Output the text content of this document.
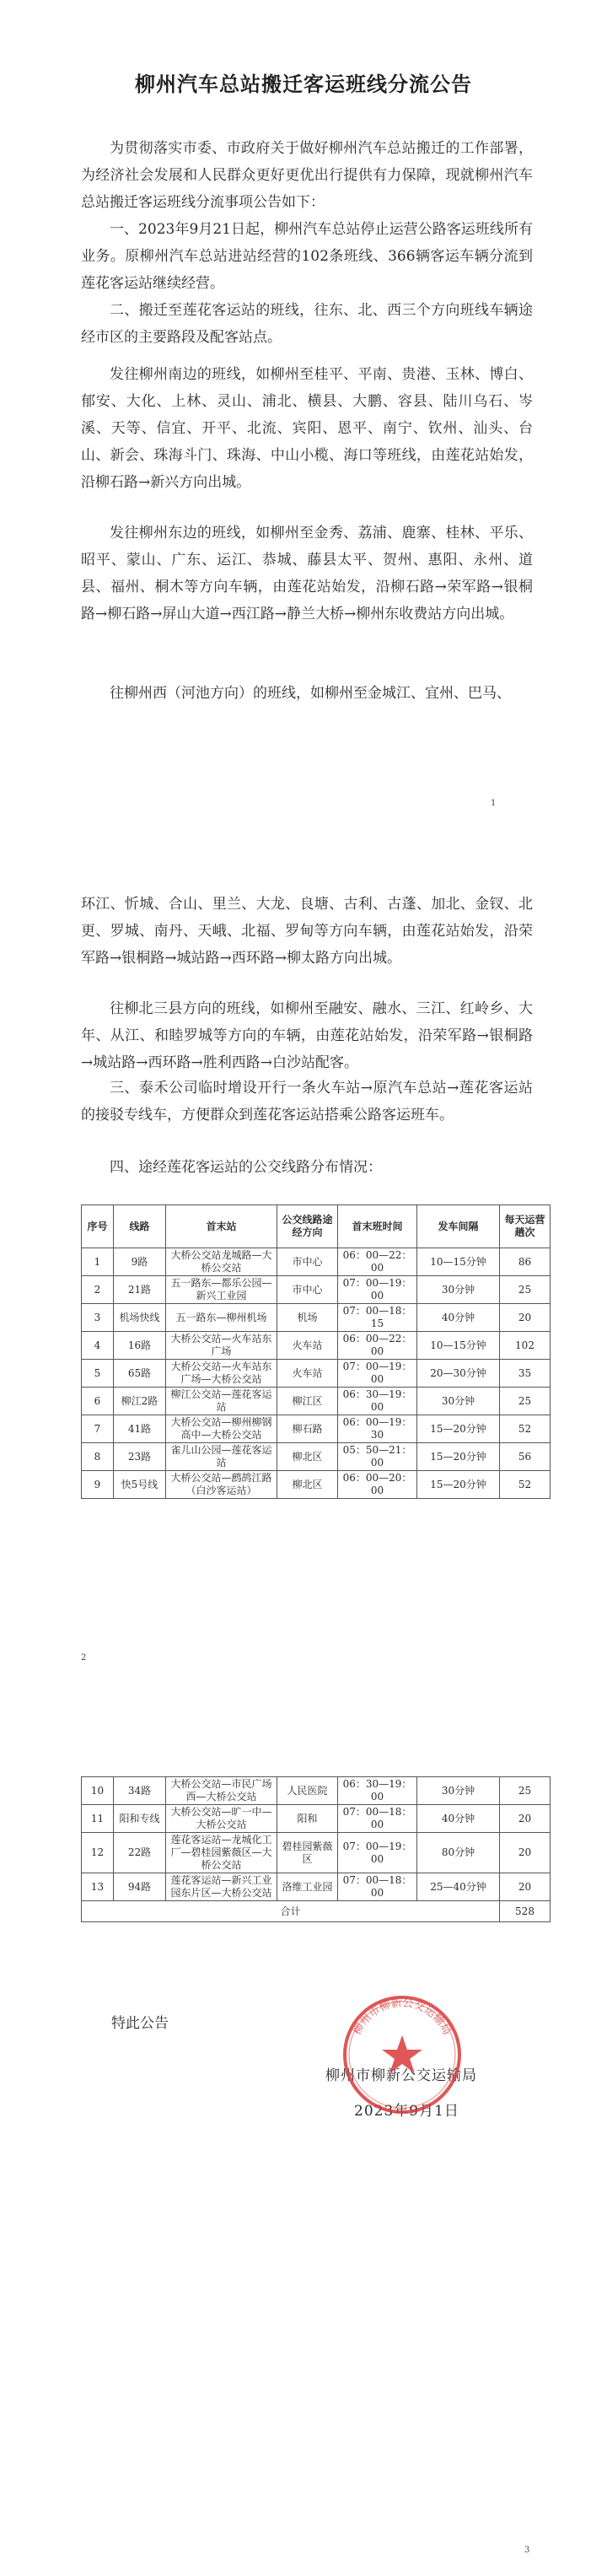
柳州汽车总站搬迁客运班线分流公告

为贯彻落实市委、市政府关于做好柳州汽车总站搬迁的工作部署，为经济社会发展和人民群众更好更优出行提供有力保障，现就柳州汽车总站搬迁客运班线分流事项公告如下：

一、2023年9月21日起，柳州汽车总站停止运营公路客运班线所有业务。原柳州汽车总站进站经营的102条班线、366辆客运车辆分流到莲花客运站继续经营。

二、搬迁至莲花客运站的班线，往东、北、西三个方向班线车辆途经市区的主要路段及配客站点。

发往柳州南边的班线，如柳州至桂平、平南、贵港、玉林、博白、郁安、大化、上林、灵山、浦北、横县、大鹏、容县、陆川乌石、岑溪、天等、信宜、开平、北流、宾阳、恩平、南宁、钦州、汕头、台山、新会、珠海斗门、珠海、中山小榄、海口等班线，由莲花站始发，沿柳石路→新兴方向出城。

发往柳州东边的班线，如柳州至金秀、荔浦、鹿寨、桂林、平乐、昭平、蒙山、广东、运江、恭城、藤县太平、贺州、惠阳、永州、道县、福州、桐木等方向车辆，由莲花站始发，沿柳石路→荣军路→银桐路→柳石路→屏山大道→西江路→静兰大桥→柳州东收费站方向出城。

往柳州西（河池方向）的班线，如柳州至金城江、宜州、巴马、

1

环江、忻城、合山、里兰、大龙、良塘、古利、古蓬、加北、金钗、北更、罗城、南丹、天峨、北福、罗甸等方向车辆，由莲花站始发，沿荣军路→银桐路→城站路→西环路→柳太路方向出城。

往柳北三县方向的班线，如柳州至融安、融水、三江、红岭乡、大年、从江、和睦罗城等方向的车辆，由莲花站始发，沿荣军路→银桐路→城站路→西环路→胜利西路→白沙站配客。

三、泰禾公司临时增设开行一条火车站→原汽车总站→莲花客运站的接驳专线车，方便群众到莲花客运站搭乘公路客运班车。

四、途经莲花客运站的公交线路分布情况：

序号	线路	首末站	公交线路途经方向	首末班时间	发车间隔	每天运营趟次
1	9路	大桥公交站龙城路—大桥公交站	市中心	06：00—22：00	10—15分钟	86
2	21路	五一路东—都乐公园—新兴工业园	市中心	07：00—19：00	30分钟	25
3	机场快线	五一路东—柳州机场	机场	07：00—18：15	40分钟	20
4	16路	大桥公交站—火车站东广场	火车站	06：00—22：00	10—15分钟	102
5	65路	大桥公交站—火车站东广场—大桥公交站	火车站	07：00—19：00	20—30分钟	35
6	柳江2路	柳江公交站—莲花客运站	柳江区	06：30—19：00	30分钟	25
7	41路	大桥公交站—柳州柳钢高中—大桥公交站	柳石路	06：00—19：30	15—20分钟	52
8	23路	雀儿山公园—莲花客运站	柳北区	05：50—21：00	15—20分钟	56
9	快5号线	大桥公交站—鹧鸪江路（白沙客运站）	柳北区	06：00—20：00	15—20分钟	52
2
10	34路	大桥公交站—市民广场西—大桥公交站	人民医院	06：30—19：00	30分钟	25
11	阳和专线	大桥公交站—旷一中—大桥公交站	阳和	07：00—18：00	40分钟	20
12	22路	莲花客运站—龙城化工厂—碧桂园紫薇区—大桥公交站	碧桂园紫薇区	07：00—19：00	80分钟	20
13	94路	莲花客运站—新兴工业园东片区—大桥公交站	洛维工业园	07：00—18：00	25—40分钟	20
合计						528
特此公告
柳州市柳新公交运输局
2023年9月1日
3
柳州市柳新公交运输局
